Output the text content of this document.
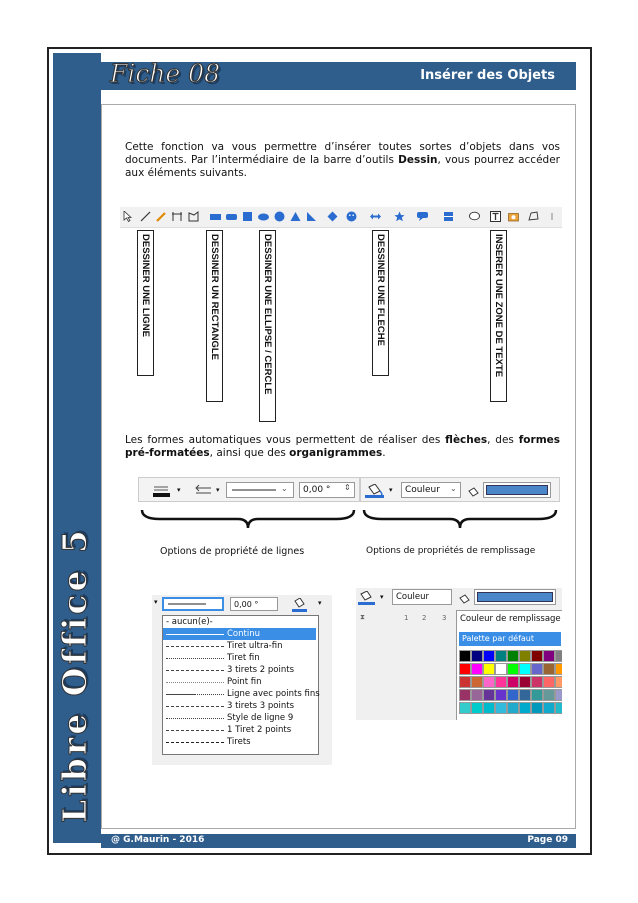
Libre Office 5
Fiche 08	Insérer des Objets
Cette fonction va vous permettre d’insérer toutes sortes d’objets dans vos documents. Par l’intermédiaire de la barre d’outils Dessin, vous pourrez accéder aux éléments suivants.
DESSINER UNE LIGNE	DESSINER UN RECTANGLE	DESSINER UNE ELLIPSE / CERCLE	DESSINER UNE FLECHE	INSERER UNE ZONE DE TEXTE
Les formes automatiques vous permettent de réaliser des flèches, des formes pré-formatées, ainsi que des organigrammes.
▾	▾	⌄	0,00 °	⇕	▾	Couleur	⌄
Options de propriété de lignes	Options de propriétés de remplissage
▾	0,00 °	▾
- aucun(e)-
Continu
Tiret ultra-fin
Tiret fin
3 tirets 2 points
Point fin
Ligne avec points fins
3 tirets 3 points
Style de ligne 9
1 Tiret 2 points
Tirets
▾	Couleur
⧗	1 2 3 Couleur de remplissage
Palette par défaut
@ G.Maurin - 2016	Page 09
